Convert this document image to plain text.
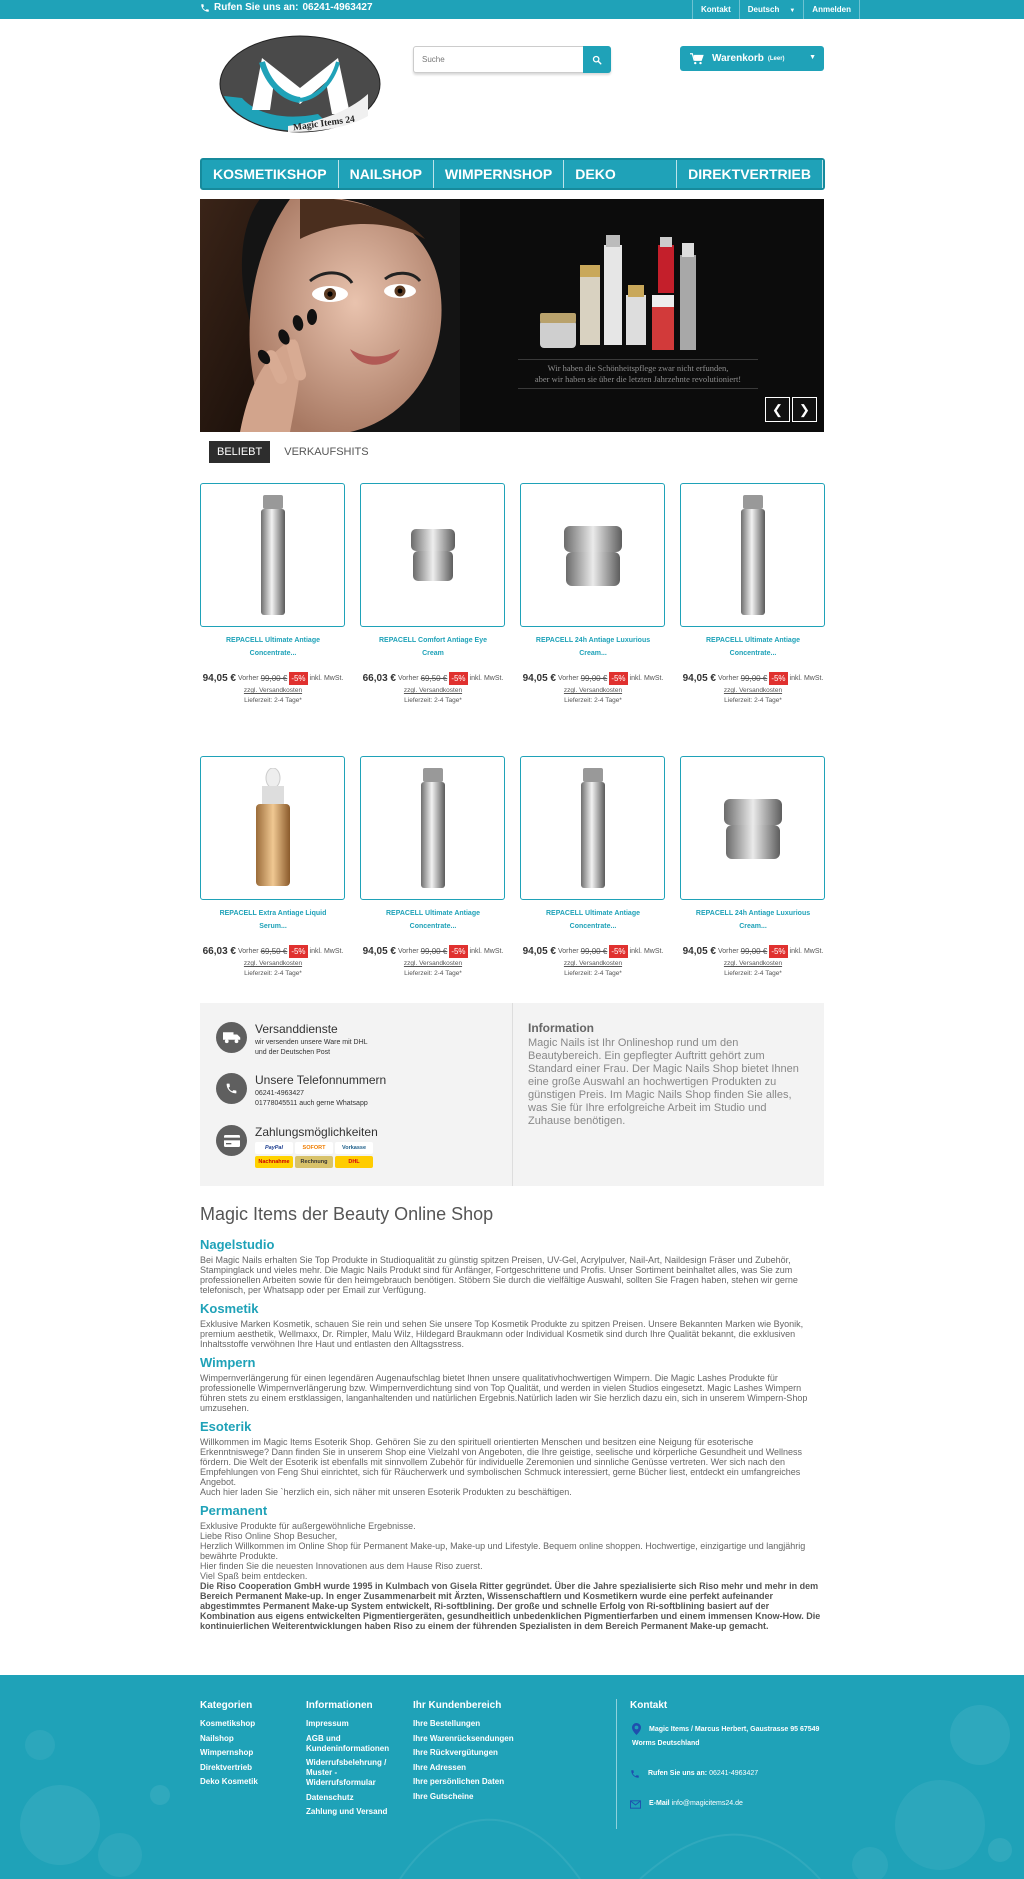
Rufen Sie uns an: 06241-4963427	Kontakt	Deutsch ▼	Anmelden
Magic Items 24
Suche
Warenkorb (Leer)	▼
KOSMETIKSHOP	NAILSHOP	WIMPERNSHOP	DEKO	DIREKTVERTRIEB
Wir haben die Schönheitspflege zwar nicht erfunden,
aber wir haben sie über die letzten Jahrzehnte revolutioniert!
❮ ❯
BELIEBT	VERKAUFSHITS
REPACELL Ultimate Antiage
Concentrate...
94,05 € Vorher 99,00 € -5% inkl. MwSt.
zzgl. Versandkosten
Lieferzeit: 2-4 Tage*
REPACELL Comfort Antiage Eye
Cream
66,03 € Vorher 69,50 € -5% inkl. MwSt.
zzgl. Versandkosten
Lieferzeit: 2-4 Tage*
REPACELL 24h Antiage Luxurious
Cream...
94,05 € Vorher 99,00 € -5% inkl. MwSt.
zzgl. Versandkosten
Lieferzeit: 2-4 Tage*
REPACELL Ultimate Antiage
Concentrate...
94,05 € Vorher 99,00 € -5% inkl. MwSt.
zzgl. Versandkosten
Lieferzeit: 2-4 Tage*
REPACELL Extra Antiage Liquid
Serum...
66,03 € Vorher 69,50 € -5% inkl. MwSt.
zzgl. Versandkosten
Lieferzeit: 2-4 Tage*
REPACELL Ultimate Antiage
Concentrate...
94,05 € Vorher 99,00 € -5% inkl. MwSt.
zzgl. Versandkosten
Lieferzeit: 2-4 Tage*
REPACELL Ultimate Antiage
Concentrate...
94,05 € Vorher 99,00 € -5% inkl. MwSt.
zzgl. Versandkosten
Lieferzeit: 2-4 Tage*
REPACELL 24h Antiage Luxurious
Cream...
94,05 € Vorher 99,00 € -5% inkl. MwSt.
zzgl. Versandkosten
Lieferzeit: 2-4 Tage*
Versanddienste
wir versenden unsere Ware mit DHL
und der Deutschen Post
Unsere Telefonnummern
06241-4963427
01778045511 auch gerne Whatsapp
Zahlungsmöglichkeiten
PayPal	SOFORT	Vorkasse
Nachnahme	Rechnung	DHL
Information
Magic Nails ist Ihr Onlineshop rund um den Beautybereich. Ein gepflegter Auftritt gehört zum Standard einer Frau. Der Magic Nails Shop bietet Ihnen eine große Auswahl an hochwertigen Produkten zu günstigen Preis. Im Magic Nails Shop finden Sie alles, was Sie für Ihre erfolgreiche Arbeit im Studio und Zuhause benötigen.
Magic Items der Beauty Online Shop
Nagelstudio

Bei Magic Nails erhalten Sie Top Produkte in Studioqualität zu günstig spitzen Preisen, UV-Gel, Acrylpulver, Nail-Art, Naildesign Fräser und Zubehör, Stampinglack und vieles mehr. Die Magic Nails Produkt sind für Anfänger, Fortgeschrittene und Profis. Unser Sortiment beinhaltet alles, was Sie zum professionellen Arbeiten sowie für den heimgebrauch benötigen. Stöbern Sie durch die vielfältige Auswahl, sollten Sie Fragen haben, stehen wir gerne telefonisch, per Whatsapp oder per Email zur Verfügung.

Kosmetik

Exklusive Marken Kosmetik, schauen Sie rein und sehen Sie unsere Top Kosmetik Produkte zu spitzen Preisen. Unsere Bekannten Marken wie Byonik, premium aesthetik, Wellmaxx, Dr. Rimpler, Malu Wilz, Hildegard Braukmann oder Individual Kosmetik sind durch Ihre Qualität bekannt, die exklusiven Inhaltsstoffe verwöhnen Ihre Haut und entlasten den Alltagsstress.

Wimpern

Wimpernverlängerung für einen legendären Augenaufschlag bietet Ihnen unsere qualitativhochwertigen Wimpern. Die Magic Lashes Produkte für professionelle Wimpernverlängerung bzw. Wimpernverdichtung sind von Top Qualität, und werden in vielen Studios eingesetzt. Magic Lashes Wimpern führen stets zu einem erstklassigen, langanhaltenden und natürlichen Ergebnis.Natürlich laden wir Sie herzlich dazu ein, sich in unserem Wimpern-Shop umzusehen.

Esoterik

Willkommen im Magic Items Esoterik Shop. Gehören Sie zu den spirituell orientierten Menschen und besitzen eine Neigung für esoterische Erkenntniswege? Dann finden Sie in unserem Shop eine Vielzahl von Angeboten, die Ihre geistige, seelische und körperliche Gesundheit und Wellness fördern. Die Welt der Esoterik ist ebenfalls mit sinnvollem Zubehör für individuelle Zeremonien und sinnliche Genüsse vertreten. Wer sich nach den Empfehlungen von Feng Shui einrichtet, sich für Räucherwerk und symbolischen Schmuck interessiert, gerne Bücher liest, entdeckt ein umfangreiches Angebot.
Auch hier laden Sie `herzlich ein, sich näher mit unseren Esoterik Produkten zu beschäftigen.

Permanent

Exklusive Produkte für außergewöhnliche Ergebnisse.
Liebe Riso Online Shop Besucher,
Herzlich Willkommen im Online Shop für Permanent Make-up, Make-up und Lifestyle. Bequem online shoppen. Hochwertige, einzigartige und langjährig bewährte Produkte.
Hier finden Sie die neuesten Innovationen aus dem Hause Riso zuerst.
Viel Spaß beim entdecken.

Die Riso Cooperation GmbH wurde 1995 in Kulmbach von Gisela Ritter gegründet. Über die Jahre spezialisierte sich Riso mehr und mehr in dem Bereich Permanent Make-up. In enger Zusammenarbeit mit Ärzten, Wissenschaftlern und Kosmetikern wurde eine perfekt aufeinander abgestimmtes Permanent Make-up System entwickelt, Ri-softblining. Der große und schnelle Erfolg von Ri-softblining basiert auf der Kombination aus eigens entwickelten Pigmentiergeräten, gesundheitlich unbedenklichen Pigmentierfarben und einem immensen Know-How. Die kontinuierlichen Weiterentwicklungen haben Riso zu einem der führenden Spezialisten in dem Bereich Permanent Make-up gemacht.

Kategorien
Kosmetikshop
Nailshop
Wimpernshop
Direktvertrieb
Deko Kosmetik
Informationen
Impressum
AGB und Kundeninformationen
Widerrufsbelehrung / Muster - Widerrufsformular
Datenschutz
Zahlung und Versand
Ihr Kundenbereich
Ihre Bestellungen
Ihre Warenrücksendungen
Ihre Rückvergütungen
Ihre Adressen
Ihre persönlichen Daten
Ihre Gutscheine
Kontakt
Magic Items / Marcus Herbert, Gaustrasse 95 67549
Worms Deutschland
Rufen Sie uns an: 06241-4963427
E-Mail info@magicitems24.de
